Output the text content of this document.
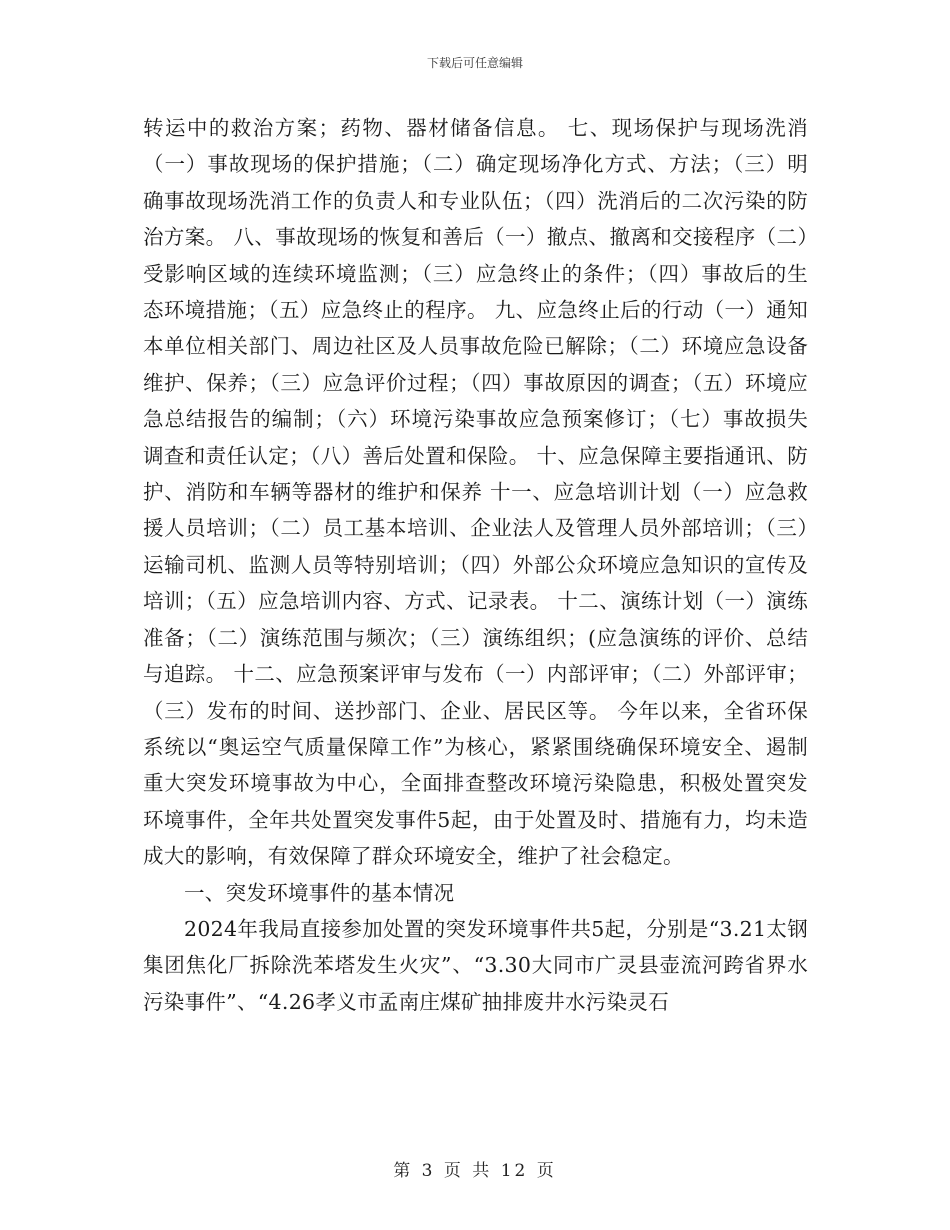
下载后可任意编辑

转运中的救治方案；药物、器材储备信息。 七、现场保护与现场洗消（一）事故现场的保护措施；（二）确定现场净化方式、方法；（三）明确事故现场洗消工作的负责人和专业队伍；（四）洗消后的二次污染的防治方案。 八、事故现场的恢复和善后（一）撤点、撤离和交接程序（二）受影响区域的连续环境监测；（三）应急终止的条件；（四）事故后的生态环境措施；（五）应急终止的程序。 九、应急终止后的行动（一）通知本单位相关部门、周边社区及人员事故危险已解除；（二）环境应急设备维护、保养；（三）应急评价过程；（四）事故原因的调查；（五）环境应急总结报告的编制；（六）环境污染事故应急预案修订；（七）事故损失调查和责任认定；（八）善后处置和保险。 十、应急保障主要指通讯、防护、消防和车辆等器材的维护和保养 十一、应急培训计划（一）应急救援人员培训；（二）员工基本培训、企业法人及管理人员外部培训；（三）运输司机、监测人员等特别培训；（四）外部公众环境应急知识的宣传及培训；（五）应急培训内容、方式、记录表。 十二、演练计划（一）演练准备；（二）演练范围与频次；（三）演练组织；(应急演练的评价、总结与追踪。 十二、应急预案评审与发布（一）内部评审；（二）外部评审；（三）发布的时间、送抄部门、企业、居民区等。 今年以来，全省环保系统以“奥运空气质量保障工作”为核心，紧紧围绕确保环境安全、遏制重大突发环境事故为中心，全面排查整改环境污染隐患，积极处置突发环境事件，全年共处置突发事件5起，由于处置及时、措施有力，均未造成大的影响，有效保障了群众环境安全，维护了社会稳定。

一、突发环境事件的基本情况

2024年我局直接参加处置的突发环境事件共5起，分别是“3.21太钢集团焦化厂拆除洗苯塔发生火灾”、“3.30大同市广灵县壶流河跨省界水污染事件”、“4.26孝义市孟南庄煤矿抽排废井水污染灵石

第 3 页 共 12 页
